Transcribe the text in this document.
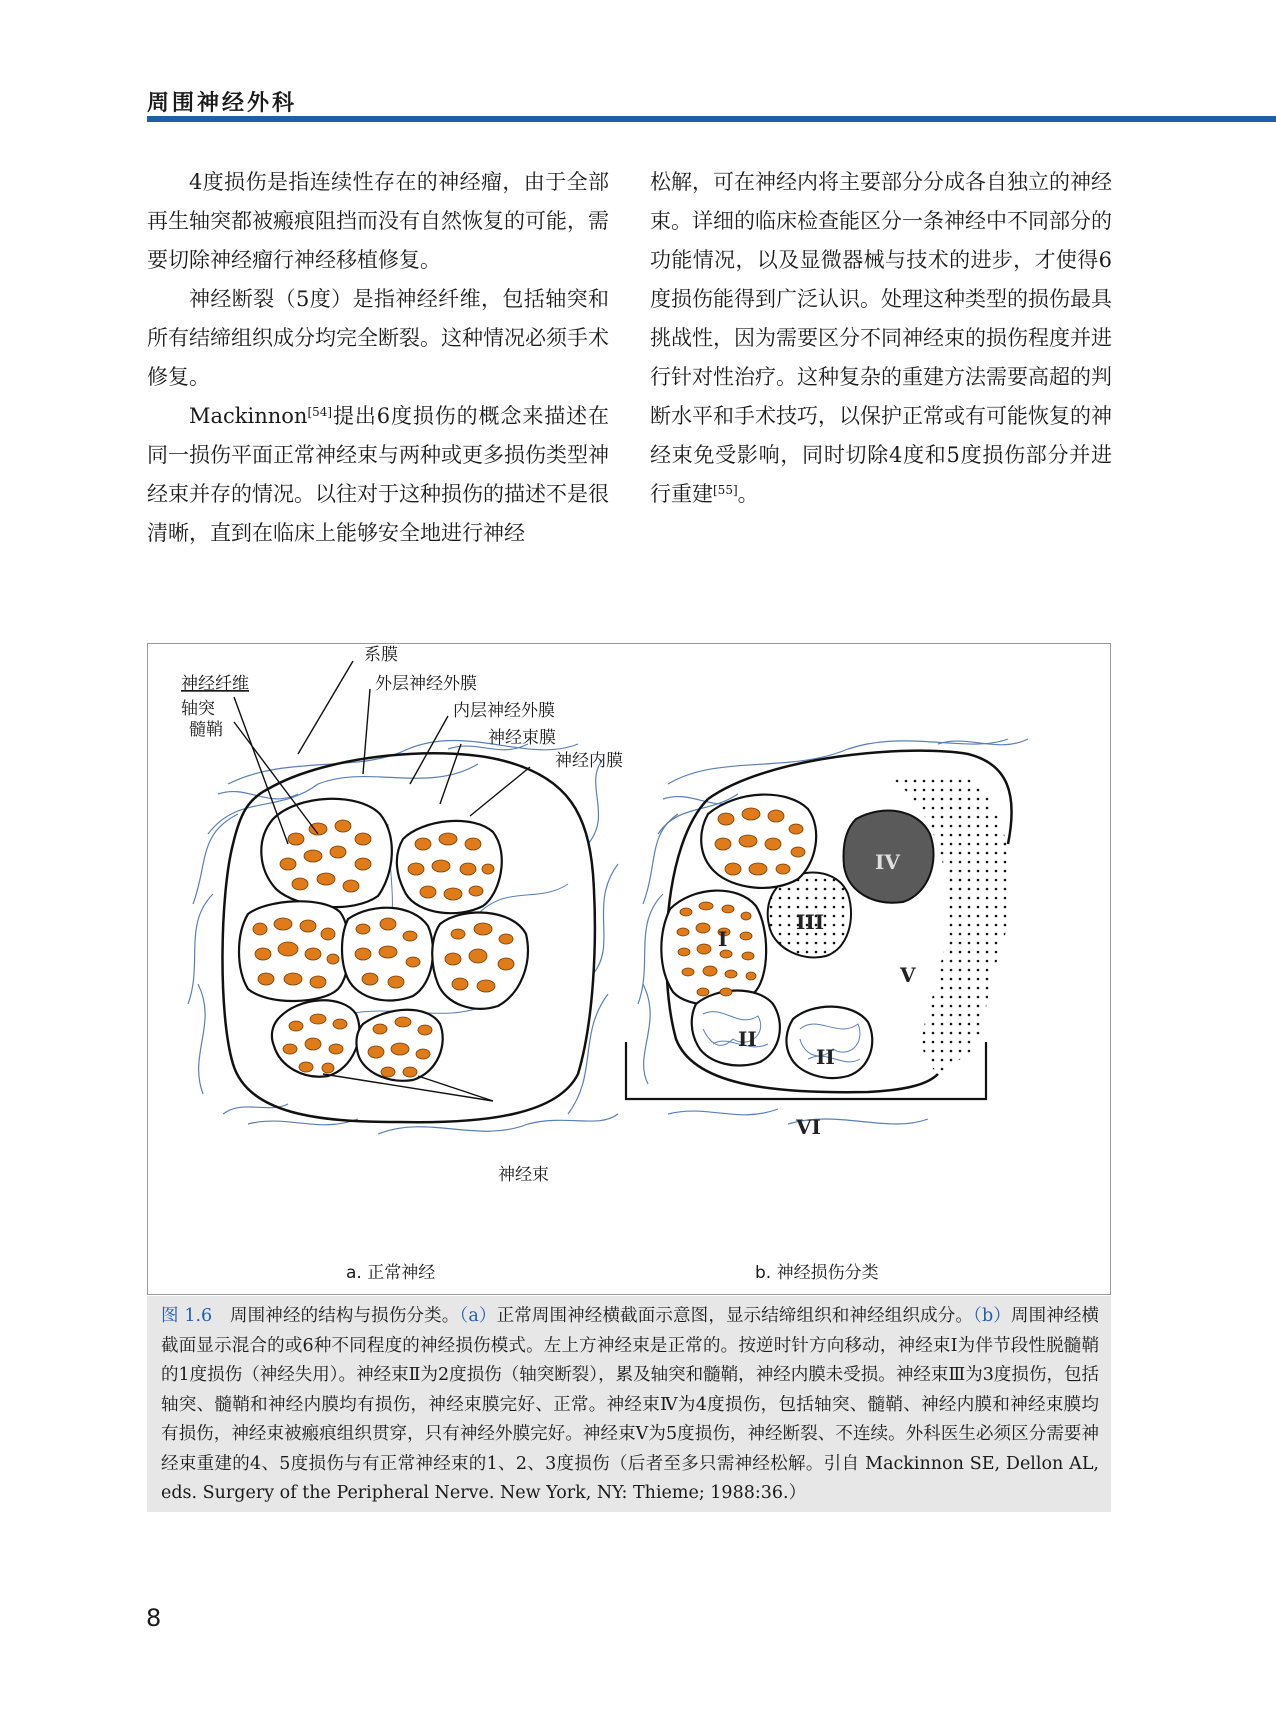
周围神经外科

4度损伤是指连续性存在的神经瘤，由于全部再生轴突都被瘢痕阻挡而没有自然恢复的可能，需要切除神经瘤行神经移植修复。

神经断裂（5度）是指神经纤维，包括轴突和所有结缔组织成分均完全断裂。这种情况必须手术修复。

Mackinnon[54]提出6度损伤的概念来描述在同一损伤平面正常神经束与两种或更多损伤类型神经束并存的情况。以往对于这种损伤的描述不是很清晰，直到在临床上能够安全地进行神经

松解，可在神经内将主要部分分成各自独立的神经束。详细的临床检查能区分一条神经中不同部分的功能情况，以及显微器械与技术的进步，才使得6度损伤能得到广泛认识。处理这种类型的损伤最具挑战性，因为需要区分不同神经束的损伤程度并进行针对性治疗。这种复杂的重建方法需要高超的判断水平和手术技巧，以保护正常或有可能恢复的神经束免受影响，同时切除4度和5度损伤部分并进行重建[55]。

系膜
外层神经外膜
神经纤维
轴突
髓鞘
内层神经外膜
神经束膜
神经内膜
神经束
a. 正常神经
I
II
II
III
IV
V
VI
b. 神经损伤分类
图 1.6　 周围神经的结构与损伤分类。（a）正常周围神经横截面示意图，显示结缔组织和神经组织成分。（b）周围神经横截面显示混合的或6种不同程度的神经损伤模式。左上方神经束是正常的。按逆时针方向移动，神经束Ⅰ为伴节段性脱髓鞘的1度损伤（神经失用）。神经束Ⅱ为2度损伤（轴突断裂），累及轴突和髓鞘，神经内膜未受损。神经束Ⅲ为3度损伤，包括轴突、髓鞘和神经内膜均有损伤，神经束膜完好、正常。神经束Ⅳ为4度损伤，包括轴突、髓鞘、神经内膜和神经束膜均有损伤，神经束被瘢痕组织贯穿，只有神经外膜完好。神经束Ⅴ为5度损伤，神经断裂、不连续。外科医生必须区分需要神经束重建的4、5度损伤与有正常神经束的1、2、3度损伤（后者至多只需神经松解。引自 Mackinnon SE, Dellon AL, eds. Surgery of the Peripheral Nerve. New York, NY: Thieme; 1988:36.）
8
